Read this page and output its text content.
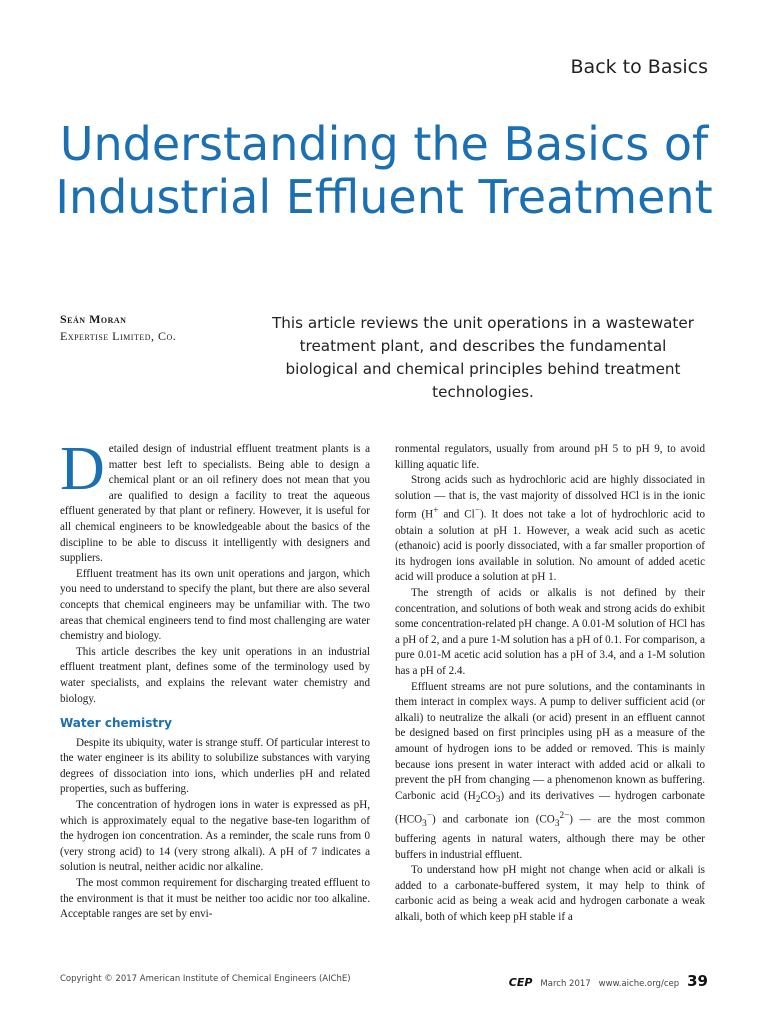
Back to Basics
Understanding the Basics of Industrial Effluent Treatment
Seán Moran
Expertise Limited, Co.
This article reviews the unit operations in a wastewater treatment plant, and describes the fundamental biological and chemical principles behind treatment technologies.

Detailed design of industrial effluent treatment plants is a matter best left to specialists. Being able to design a chemical plant or an oil refinery does not mean that you are qualified to design a facility to treat the aqueous effluent generated by that plant or refinery. However, it is useful for all chemical engineers to be knowledgeable about the basics of the discipline to be able to discuss it intelligently with designers and suppliers.

Effluent treatment has its own unit operations and jargon, which you need to understand to specify the plant, but there are also several concepts that chemical engineers may be unfamiliar with. The two areas that chemical engineers tend to find most challenging are water chemistry and biology.

This article describes the key unit operations in an industrial effluent treatment plant, defines some of the terminology used by water specialists, and explains the relevant water chemistry and biology.

Water chemistry

Despite its ubiquity, water is strange stuff. Of particular interest to the water engineer is its ability to solubilize substances with varying degrees of dissociation into ions, which underlies pH and related properties, such as buffering.

The concentration of hydrogen ions in water is expressed as pH, which is approximately equal to the negative base-ten logarithm of the hydrogen ion concentration. As a reminder, the scale runs from 0 (very strong acid) to 14 (very strong alkali). A pH of 7 indicates a solution is neutral, neither acidic nor alkaline.

The most common requirement for discharging treated effluent to the environment is that it must be neither too acidic nor too alkaline. Acceptable ranges are set by envi-

ronmental regulators, usually from around pH 5 to pH 9, to avoid killing aquatic life.

Strong acids such as hydrochloric acid are highly dissociated in solution — that is, the vast majority of dissolved HCl is in the ionic form (H+ and Cl−). It does not take a lot of hydrochloric acid to obtain a solution at pH 1. However, a weak acid such as acetic (ethanoic) acid is poorly dissociated, with a far smaller proportion of its hydrogen ions available in solution. No amount of added acetic acid will produce a solution at pH 1.

The strength of acids or alkalis is not defined by their concentration, and solutions of both weak and strong acids do exhibit some concentration-related pH change. A 0.01-M solution of HCl has a pH of 2, and a pure 1-M solution has a pH of 0.1. For comparison, a pure 0.01-M acetic acid solution has a pH of 3.4, and a 1-M solution has a pH of 2.4.

Effluent streams are not pure solutions, and the contaminants in them interact in complex ways. A pump to deliver sufficient acid (or alkali) to neutralize the alkali (or acid) present in an effluent cannot be designed based on first principles using pH as a measure of the amount of hydrogen ions to be added or removed. This is mainly because ions present in water interact with added acid or alkali to prevent the pH from changing — a phenomenon known as buffering. Carbonic acid $(H_2CO_3)$ and its derivatives — hydrogen carbonate $(HCO_3^-)$ and carbonate ion $(CO_3^{2-})$ — are the most common buffering agents in natural waters, although there may be other buffers in industrial effluent.

To understand how pH might not change when acid or alkali is added to a carbonate-buffered system, it may help to think of carbonic acid as being a weak acid and hydrogen carbonate a weak alkali, both of which keep pH stable if a

Copyright © 2017 American Institute of Chemical Engineers (AIChE)	CEP March 2017 www.aiche.org/cep 39
